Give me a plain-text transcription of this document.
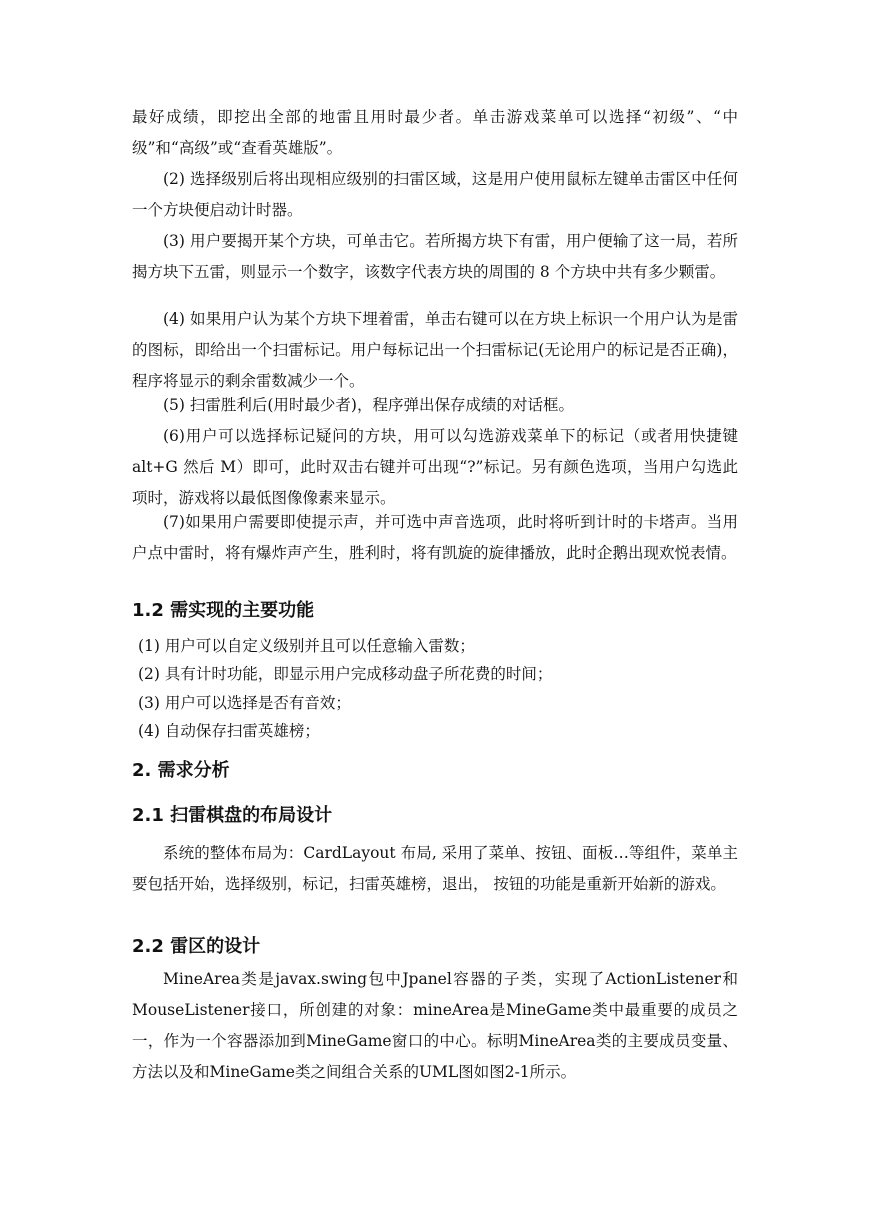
最好成绩，即挖出全部的地雷且用时最少者。单击游戏菜单可以选择“初级”、“中级”和“高级”或“查看英雄版”。

(2) 选择级别后将出现相应级别的扫雷区域，这是用户使用鼠标左键单击雷区中任何一个方块便启动计时器。

(3) 用户要揭开某个方块，可单击它。若所揭方块下有雷，用户便输了这一局，若所揭方块下五雷，则显示一个数字，该数字代表方块的周围的 8 个方块中共有多少颗雷。

(4) 如果用户认为某个方块下埋着雷，单击右键可以在方块上标识一个用户认为是雷的图标，即给出一个扫雷标记。用户每标记出一个扫雷标记(无论用户的标记是否正确)，程序将显示的剩余雷数减少一个。

(5) 扫雷胜利后(用时最少者)，程序弹出保存成绩的对话框。

(6)用户可以选择标记疑问的方块，用可以勾选游戏菜单下的标记（或者用快捷键 alt+G 然后 M）即可，此时双击右键并可出现“?”标记。另有颜色选项，当用户勾选此项时，游戏将以最低图像像素来显示。

(7)如果用户需要即使提示声，并可选中声音选项，此时将听到计时的卡塔声。当用户点中雷时，将有爆炸声产生，胜利时，将有凯旋的旋律播放，此时企鹅出现欢悦表情。

1.2 需实现的主要功能

(1) 用户可以自定义级别并且可以任意输入雷数；

(2) 具有计时功能，即显示用户完成移动盘子所花费的时间；

(3) 用户可以选择是否有音效；

(4) 自动保存扫雷英雄榜；

2. 需求分析
2.1 扫雷棋盘的布局设计

系统的整体布局为：CardLayout 布局, 采用了菜单、按钮、面板…等组件，菜单主要包括开始，选择级别，标记，扫雷英雄榜，退出， 按钮的功能是重新开始新的游戏。

2.2 雷区的设计

MineArea类是javax.swing包中Jpanel容器的子类，实现了ActionListener和MouseListener接口，所创建的对象：mineArea是MineGame类中最重要的成员之一，作为一个容器添加到MineGame窗口的中心。标明MineArea类的主要成员变量、方法以及和MineGame类之间组合关系的UML图如图2-1所示。
